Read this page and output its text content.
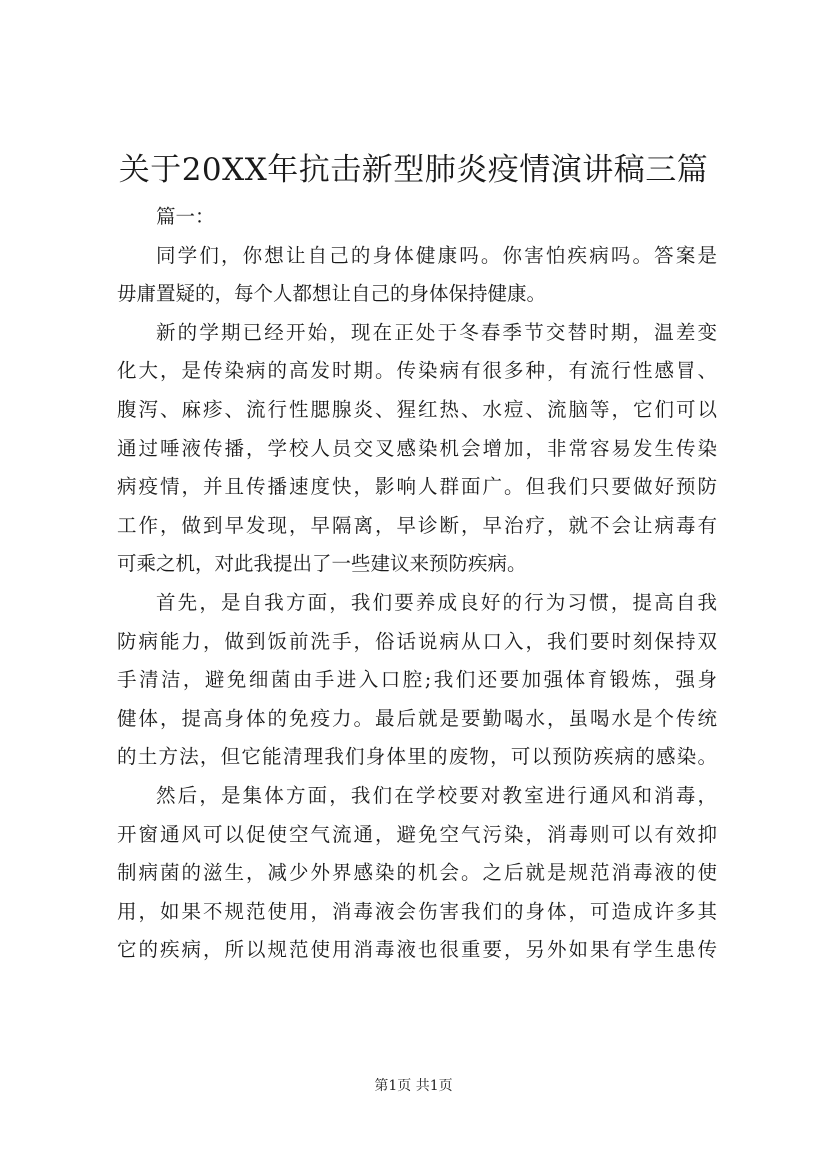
关于20XX年抗击新型肺炎疫情演讲稿三篇

篇一：

同学们，你想让自己的身体健康吗。你害怕疾病吗。答案是

毋庸置疑的，每个人都想让自己的身体保持健康。

新的学期已经开始，现在正处于冬春季节交替时期，温差变

化大，是传染病的高发时期。传染病有很多种，有流行性感冒、

腹泻、麻疹、流行性腮腺炎、猩红热、水痘、流脑等，它们可以

通过唾液传播，学校人员交叉感染机会增加，非常容易发生传染

病疫情，并且传播速度快，影响人群面广。但我们只要做好预防

工作，做到早发现，早隔离，早诊断，早治疗，就不会让病毒有

可乘之机，对此我提出了一些建议来预防疾病。

首先，是自我方面，我们要养成良好的行为习惯，提高自我

防病能力，做到饭前洗手，俗话说病从口入，我们要时刻保持双

手清洁，避免细菌由手进入口腔;我们还要加强体育锻炼，强身

健体，提高身体的免疫力。最后就是要勤喝水，虽喝水是个传统

的土方法，但它能清理我们身体里的废物，可以预防疾病的感染。

然后，是集体方面，我们在学校要对教室进行通风和消毒，

开窗通风可以促使空气流通，避免空气污染，消毒则可以有效抑

制病菌的滋生，减少外界感染的机会。之后就是规范消毒液的使

用，如果不规范使用，消毒液会伤害我们的身体，可造成许多其

它的疾病，所以规范使用消毒液也很重要，另外如果有学生患传

第1页 共1页
